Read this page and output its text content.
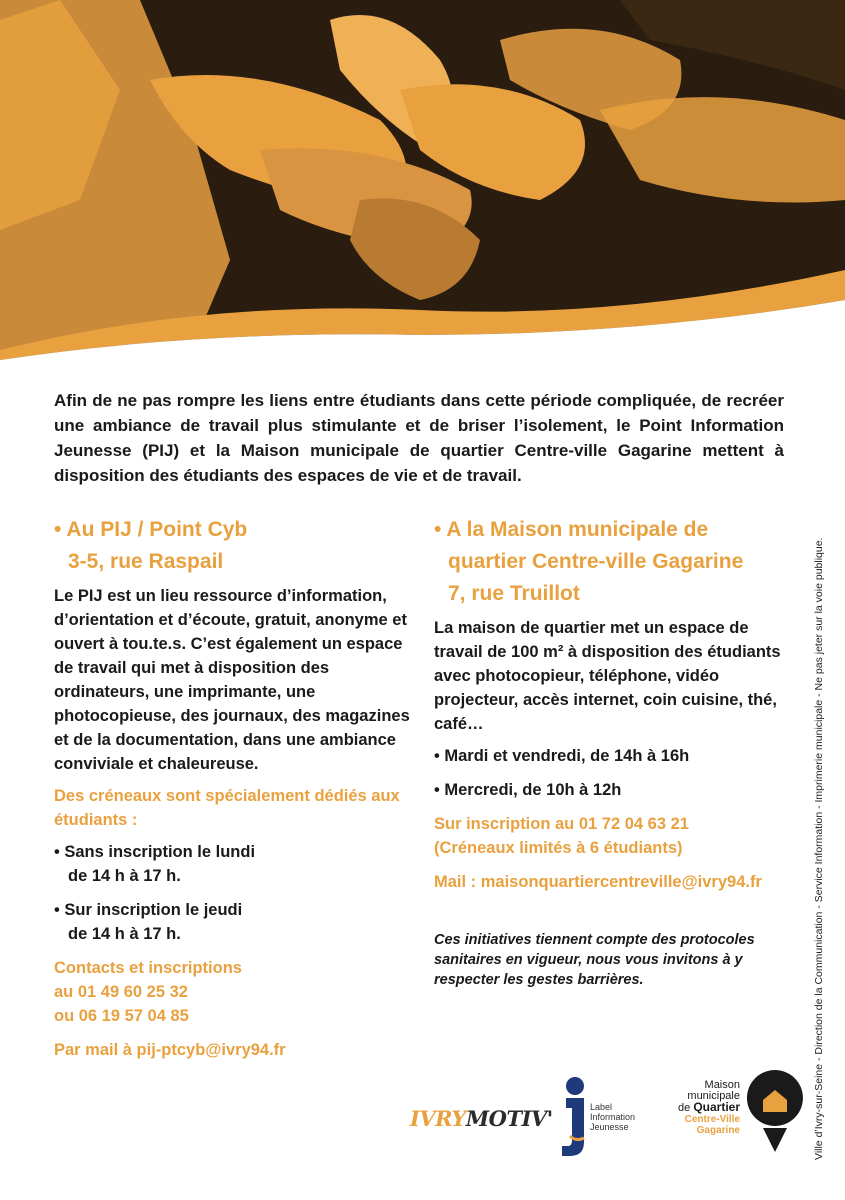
Afin de ne pas rompre les liens entre étudiants dans cette période compliquée, de recréer une ambiance de travail plus stimulante et de briser l’isolement, le Point Information Jeunesse (PIJ) et la Maison municipale de quartier Centre-ville Gagarine mettent à disposition des étudiants des espaces de vie et de travail.

• Au PIJ / Point Cyb
3-5, rue Raspail

Le PIJ est un lieu ressource d’information, d’orientation et d’écoute, gratuit, anonyme et ouvert à tou.te.s. C’est également un espace de travail qui met à disposition des ordinateurs, une imprimante, une photocopieuse, des journaux, des magazines et de la documentation, dans une ambiance conviviale et chaleureuse.

Des créneaux sont spécialement dédiés aux étudiants :

• Sans inscription le lundi
de 14 h à 17 h.
• Sur inscription le jeudi
de 14 h à 17 h.
Contacts et inscriptions
au 01 49 60 25 32
ou 06 19 57 04 85

Par mail à pij-ptcyb@ivry94.fr

• A la Maison municipale de
quartier Centre-ville Gagarine
7, rue Truillot

La maison de quartier met un espace de travail de 100 m² à disposition des étudiants avec photocopieur, téléphone, vidéo projecteur, accès internet, coin cuisine, thé, café…

• Mardi et vendredi, de 14h à 16h
• Mercredi, de 10h à 12h
Sur inscription au 01 72 04 63 21
(Créneaux limités à 6 étudiants)

Mail : maisonquartiercentreville@ivry94.fr

Ces initiatives tiennent compte des protocoles sanitaires en vigueur, nous vous invitons à y respecter les gestes barrières.	Ville d’Ivry-sur-Seine - Direction de la Communication - Service Information - Imprimerie municipale - Ne pas jeter sur la voie publique.
IVRYMOTIV'	Label
Information
Jeunesse
Maison
municipale
de Quartier
Centre-Ville
Gagarine
